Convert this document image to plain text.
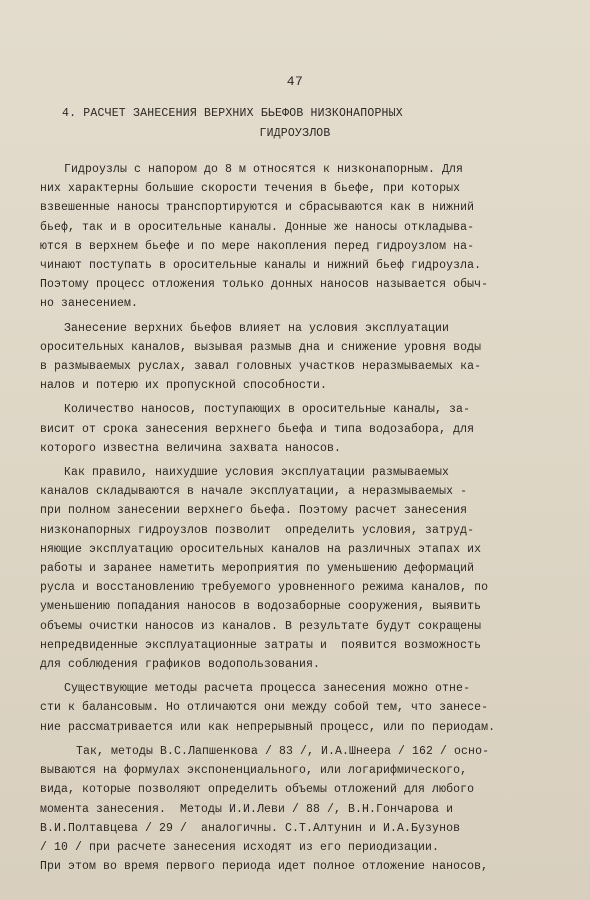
47
4. РАСЧЕТ ЗАНЕСЕНИЯ ВЕРХНИХ БЬЕФОВ НИЗКОНАПОРНЫХ
ГИДРОУЗЛОВ

Гидроузлы с напором до 8 м относятся к низконапорным. Для
них характерны большие скорости течения в бьефе, при которых
взвешенные наносы транспортируются и сбрасываются как в нижний
бьеф, так и в оросительные каналы. Донные же наносы откладыва-
ются в верхнем бьефе и по мере накопления перед гидроузлом на-
чинают поступать в оросительные каналы и нижний бьеф гидроузла.
Поэтому процесс отложения только донных наносов называется обыч-
но занесением.

Занесение верхних бьефов влияет на условия эксплуатации
оросительных каналов, вызывая размыв дна и снижение уровня воды
в размываемых руслах, завал головных участков неразмываемых ка-
налов и потерю их пропускной способности.

Количество наносов, поступающих в оросительные каналы, за-
висит от срока занесения верхнего бьефа и типа водозабора, для
которого известна величина захвата наносов.

Как правило, наихудшие условия эксплуатации размываемых
каналов складываются в начале эксплуатации, а неразмываемых -
при полном занесении верхнего бьефа. Поэтому расчет занесения
низконапорных гидроузлов позволит  определить условия, затруд-
няющие эксплуатацию оросительных каналов на различных этапах их
работы и заранее наметить мероприятия по уменьшению деформаций
русла и восстановлению требуемого уровненного режима каналов, по
уменьшению попадания наносов в водозаборные сооружения, выявить
объемы очистки наносов из каналов. В результате будут сокращены
непредвиденные эксплуатационные затраты и  появится возможность
для соблюдения графиков водопользования.

Существующие методы расчета процесса занесения можно отне-
сти к балансовым. Но отличаются они между собой тем, что занесе-
ние рассматривается или как непрерывный процесс, или по периодам.

Так, методы В.С.Лапшенкова / 83 /, И.А.Шнеера / 162 / осно-
вываются на формулах экспоненциального, или логарифмического,
вида, которые позволяют определить объемы отложений для любого
момента занесения.  Методы И.И.Леви / 88 /, В.Н.Гончарова и
В.И.Полтавцева / 29 /  аналогичны. С.Т.Алтунин и И.А.Бузунов
/ 10 / при расчете занесения исходят из его периодизации.
При этом во время первого периода идет полное отложение наносов,
